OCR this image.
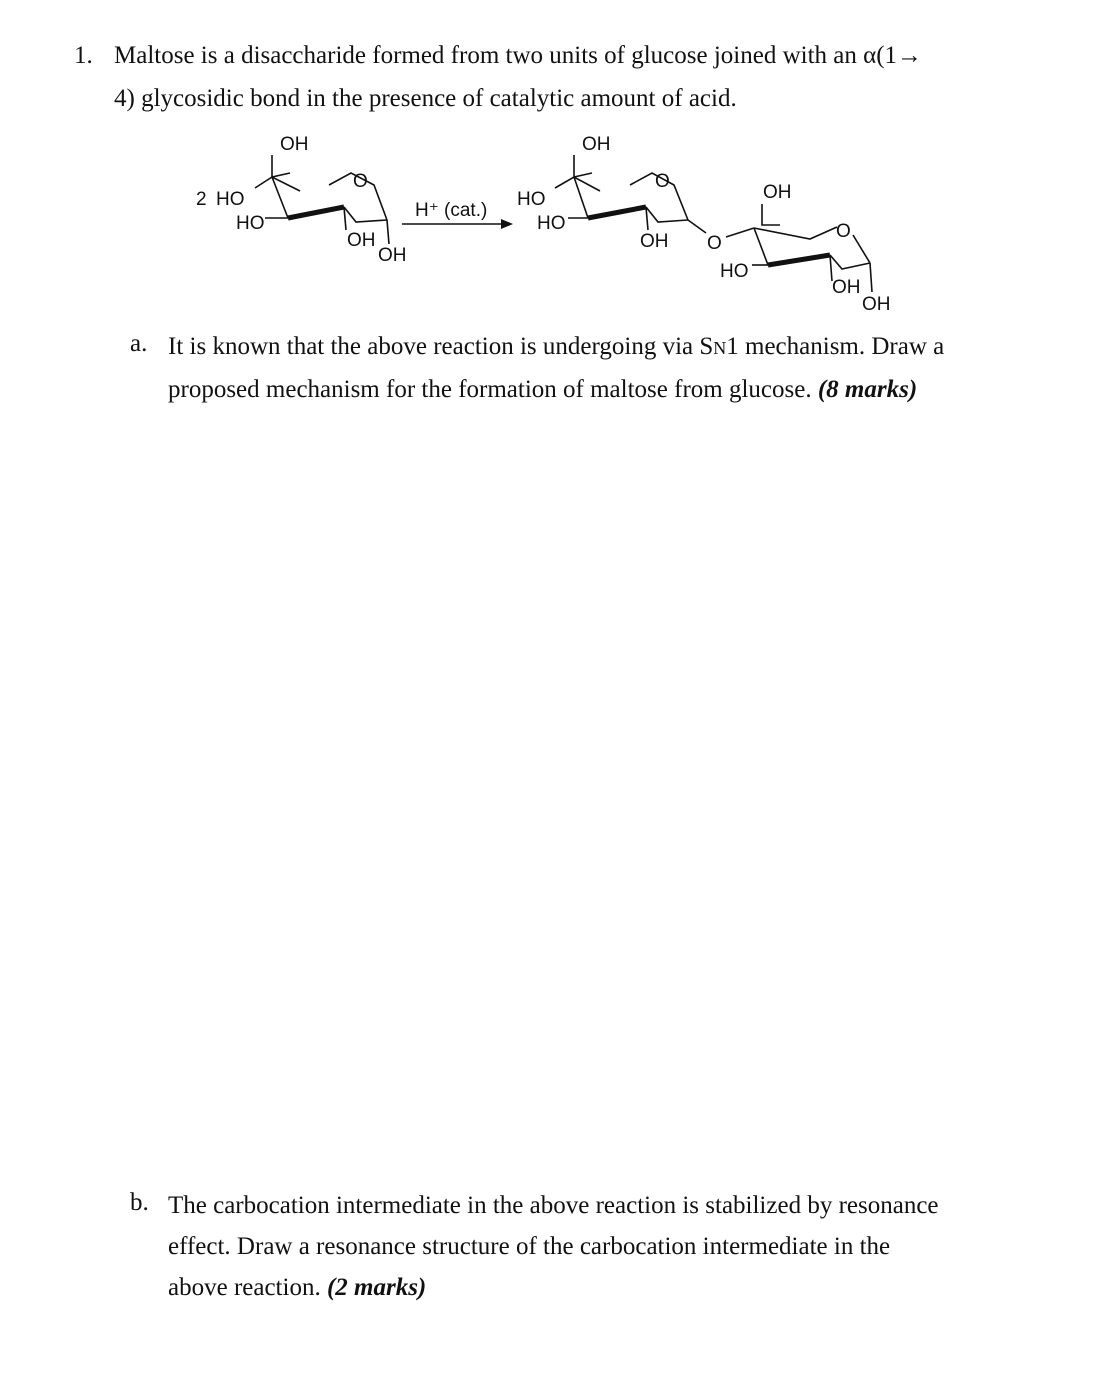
1. Maltose is a disaccharide formed from two units of glucose joined with an α(1→
4) glycosidic bond in the presence of catalytic amount of acid.
OH
2 HO
O
HO
OH
OH
H⁺ (cat.)
OH
HO
HO
O
OH O
OH
O
HO
OH
OH
a. It is known that the above reaction is undergoing via SN1 mechanism. Draw a
proposed mechanism for the formation of maltose from glucose. (8 marks)
b. The carbocation intermediate in the above reaction is stabilized by resonance
effect. Draw a resonance structure of the carbocation intermediate in the
above reaction. (2 marks)
